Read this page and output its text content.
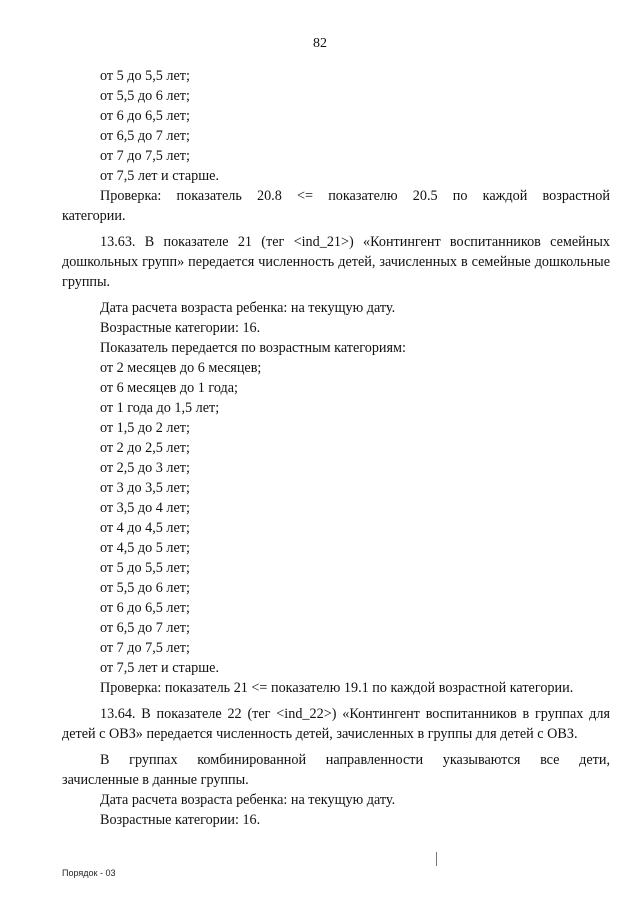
82
от 5 до 5,5 лет;
от 5,5 до 6 лет;
от 6 до 6,5 лет;
от 6,5 до 7 лет;
от 7 до 7,5 лет;
от 7,5 лет и старше.
Проверка: показатель 20.8 <= показателю 20.5 по каждой возрастной
категории.
13.63. В показателе 21 (тег <ind_21>) «Контингент воспитанников семейных дошкольных групп» передается численность детей, зачисленных в семейные дошкольные группы.
Дата расчета возраста ребенка: на текущую дату.
Возрастные категории: 16.
Показатель передается по возрастным категориям:
от 2 месяцев до 6 месяцев;
от 6 месяцев до 1 года;
от 1 года до 1,5 лет;
от 1,5 до 2 лет;
от 2 до 2,5 лет;
от 2,5 до 3 лет;
от 3 до 3,5 лет;
от 3,5 до 4 лет;
от 4 до 4,5 лет;
от 4,5 до 5 лет;
от 5 до 5,5 лет;
от 5,5 до 6 лет;
от 6 до 6,5 лет;
от 6,5 до 7 лет;
от 7 до 7,5 лет;
от 7,5 лет и старше.
Проверка: показатель 21 <= показателю 19.1 по каждой возрастной категории.
13.64. В показателе 22 (тег <ind_22>) «Контингент воспитанников в группах для детей с ОВЗ» передается численность детей, зачисленных в группы для детей с ОВЗ.
В группах комбинированной направленности указываются все дети,
зачисленные в данные группы.
Дата расчета возраста ребенка: на текущую дату.
Возрастные категории: 16.
Порядок - 03
